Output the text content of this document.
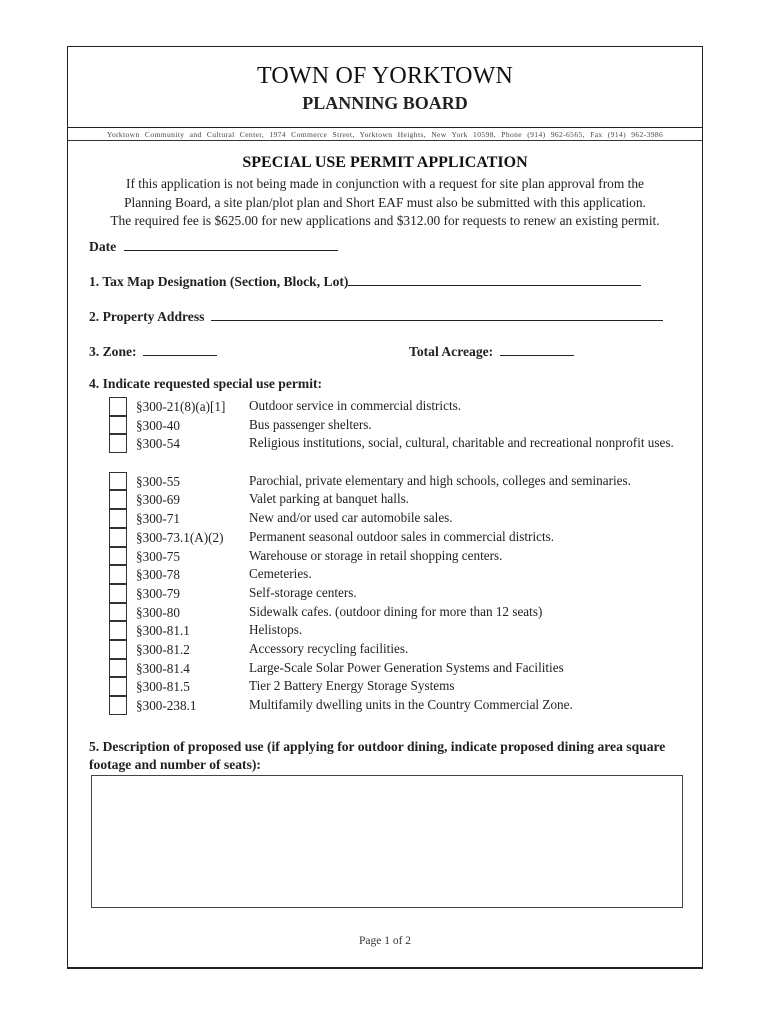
TOWN OF YORKTOWN
PLANNING BOARD
Yorktown Community and Cultural Center, 1974 Commerce Street, Yorktown Heights, New York 10598, Phone (914) 962-6565, Fax (914) 962-3986
SPECIAL USE PERMIT APPLICATION
If this application is not being made in conjunction with a request for site plan approval from the
Planning Board, a site plan/plot plan and Short EAF must also be submitted with this application.
The required fee is $625.00 for new applications and $312.00 for requests to renew an existing permit.
Date
1. Tax Map Designation (Section, Block, Lot)
2. Property Address
3. Zone:	Total Acreage:
4. Indicate requested special use permit:
§300-21(8)(a)[1] Outdoor service in commercial districts.
§300-40	Bus passenger shelters.
§300-54	Religious institutions, social, cultural, charitable and recreational nonprofit uses.
§300-55	Parochial, private elementary and high schools, colleges and seminaries.
§300-69	Valet parking at banquet halls.
§300-71	New and/or used car automobile sales.
§300-73.1(A)(2) Permanent seasonal outdoor sales in commercial districts.
§300-75	Warehouse or storage in retail shopping centers.
§300-78	Cemeteries.
§300-79	Self-storage centers.
§300-80	Sidewalk cafes. (outdoor dining for more than 12 seats)
§300-81.1	Helistops.
§300-81.2	Accessory recycling facilities.
§300-81.4	Large-Scale Solar Power Generation Systems and Facilities
§300-81.5	Tier 2 Battery Energy Storage Systems
§300-238.1	Multifamily dwelling units in the Country Commercial Zone.
5. Description of proposed use (if applying for outdoor dining, indicate proposed dining area square footage and number of seats):
Page 1 of 2
